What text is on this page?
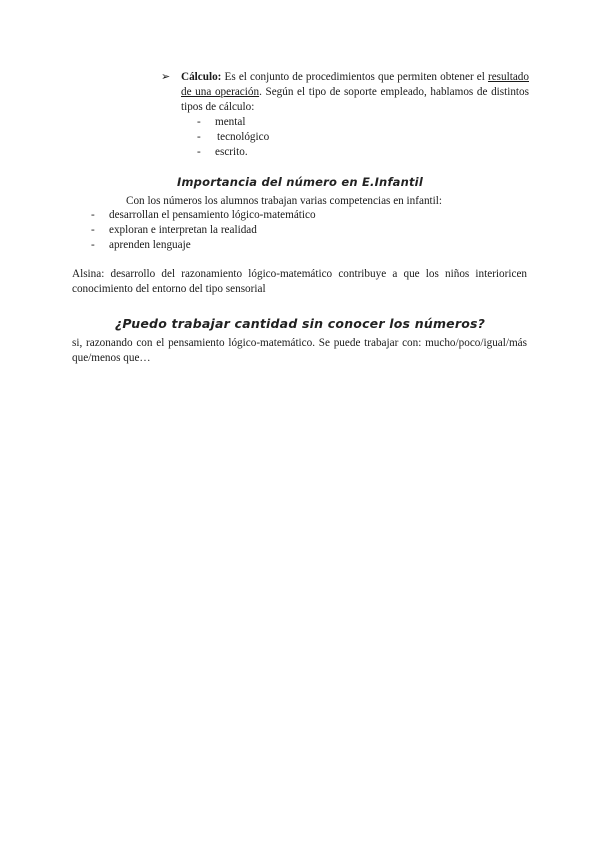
➢ Cálculo: Es el conjunto de procedimientos que permiten obtener el resultado de una operación. Según el tipo de soporte empleado, hablamos de distintos tipos de cálculo:
- mental
- tecnológico
- escrito.
Importancia del número en E.Infantil
Con los números los alumnos trabajan varias competencias en infantil:
- desarrollan el pensamiento lógico-matemático
- exploran e interpretan la realidad
- aprenden lenguaje
Alsina: desarrollo del razonamiento lógico-matemático contribuye a que los niños interioricen conocimiento del entorno del tipo sensorial
¿Puedo trabajar cantidad sin conocer los números?
si, razonando con el pensamiento lógico-matemático. Se puede trabajar con: mucho/poco/igual/más que/menos que…
